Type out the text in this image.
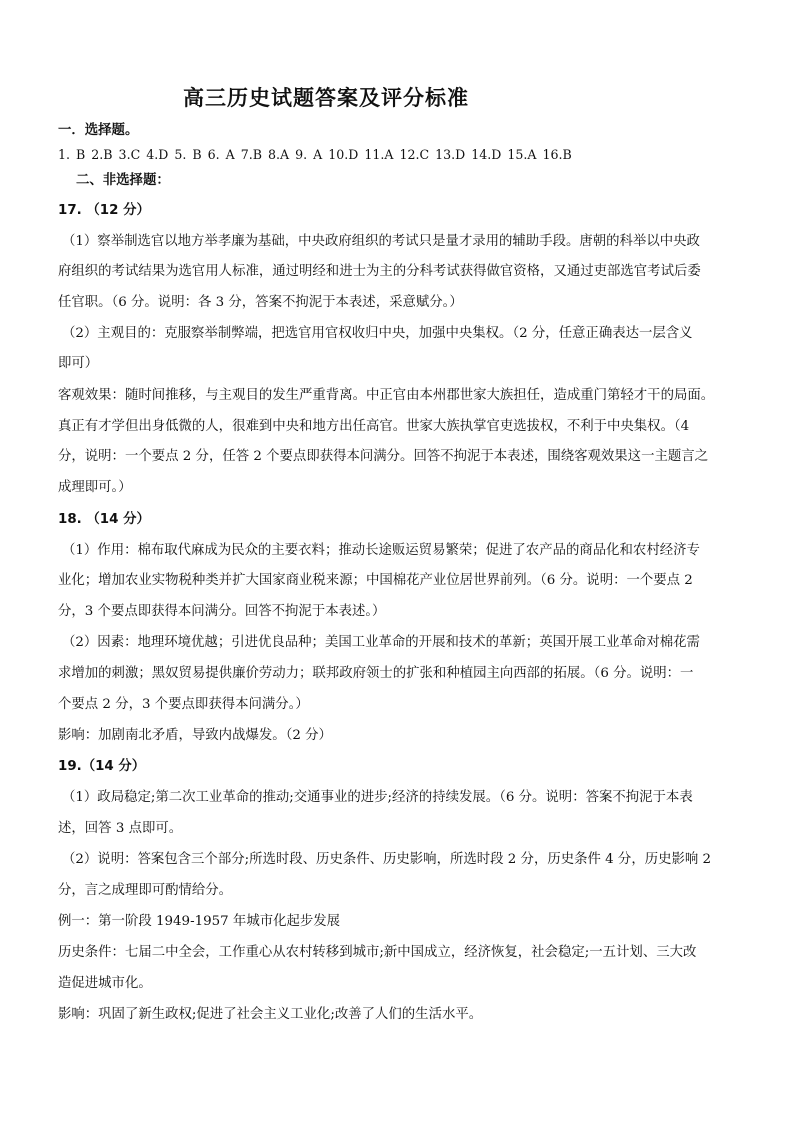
高三历史试题答案及评分标准
一．选择题。
1. B 2.B 3.C 4.D 5. B 6. A 7.B 8.A 9. A 10.D 11.A 12.C 13.D 14.D 15.A 16.B
二、非选择题：
17. （12 分）
（1）察举制选官以地方举孝廉为基础，中央政府组织的考试只是量才录用的辅助手段。唐朝的科举以中央政
府组织的考试结果为选官用人标准，通过明经和进士为主的分科考试获得做官资格，又通过吏部选官考试后委
任官职。（6 分。说明：各 3 分，答案不拘泥于本表述，采意赋分。）
（2）主观目的：克服察举制弊端，把选官用官权收归中央，加强中央集权。（2 分，任意正确表达一层含义
即可）
客观效果：随时间推移，与主观目的发生严重背离。中正官由本州郡世家大族担任，造成重门第轻才干的局面。
真正有才学但出身低微的人，很难到中央和地方出任高官。世家大族执掌官吏选拔权，不利于中央集权。（4
分，说明：一个要点 2 分，任答 2 个要点即获得本问满分。回答不拘泥于本表述，围绕客观效果这一主题言之
成理即可。）
18. （14 分）
（1）作用：棉布取代麻成为民众的主要衣料；推动长途贩运贸易繁荣；促进了农产品的商品化和农村经济专
业化；增加农业实物税种类并扩大国家商业税来源；中国棉花产业位居世界前列。（6 分。说明：一个要点 2
分，3 个要点即获得本问满分。回答不拘泥于本表述。）
（2）因素：地理环境优越；引进优良品种；美国工业革命的开展和技术的革新；英国开展工业革命对棉花需
求增加的刺激；黑奴贸易提供廉价劳动力；联邦政府领士的扩张和种植园主向西部的拓展。（6 分。说明：一
个要点 2 分，3 个要点即获得本问满分。）
影响：加剧南北矛盾，导致内战爆发。（2 分）
19.（14 分）
（1）政局稳定;第二次工业革命的推动;交通事业的进步;经济的持续发展。（6 分。说明：答案不拘泥于本表
述，回答 3 点即可。
（2）说明：答案包含三个部分;所选时段、历史条件、历史影响，所选时段 2 分，历史条件 4 分，历史影响 2
分，言之成理即可酌情给分。
例一：第一阶段 1949-1957 年城市化起步发展
历史条件：七届二中全会，工作重心从农村转移到城市;新中国成立，经济恢复，社会稳定;一五计划、三大改
造促进城市化。
影响：巩固了新生政权;促进了社会主义工业化;改善了人们的生活水平。
